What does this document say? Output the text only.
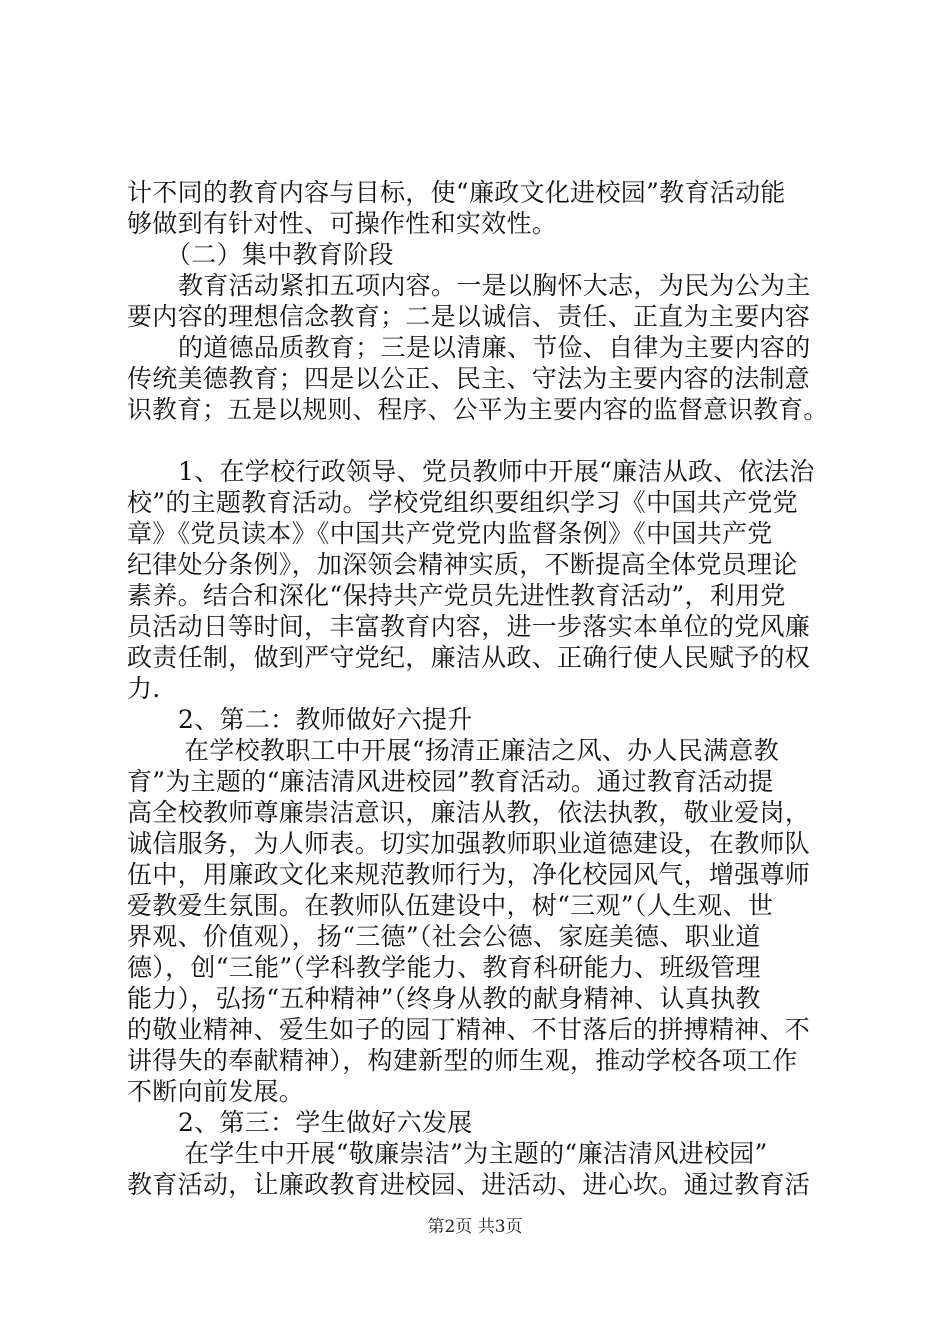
计不同的教育内容与目标，使“廉政文化进校园”教育活动能
够做到有针对性、可操作性和实效性。
（二）集中教育阶段
教育活动紧扣五项内容。一是以胸怀大志，为民为公为主
要内容的理想信念教育；二是以诚信、责任、正直为主要内容
的道德品质教育；三是以清廉、节俭、自律为主要内容的
传统美德教育；四是以公正、民主、守法为主要内容的法制意
识教育；五是以规则、程序、公平为主要内容的监督意识教育。
1、在学校行政领导、党员教师中开展“廉洁从政、依法治
校”的主题教育活动。学校党组织要组织学习《中国共产党党
章》《党员读本》《中国共产党党内监督条例》《中国共产党
纪律处分条例》，加深领会精神实质，不断提高全体党员理论
素养。结合和深化“保持共产党员先进性教育活动”，利用党
员活动日等时间，丰富教育内容，进一步落实本单位的党风廉
政责任制，做到严守党纪，廉洁从政、正确行使人民赋予的权
力.
2、第二：教师做好六提升
在学校教职工中开展“扬清正廉洁之风、办人民满意教
育”为主题的“廉洁清风进校园”教育活动。通过教育活动提
高全校教师尊廉崇洁意识，廉洁从教，依法执教，敬业爱岗，
诚信服务，为人师表。切实加强教师职业道德建设，在教师队
伍中，用廉政文化来规范教师行为，净化校园风气，增强尊师
爱教爱生氛围。在教师队伍建设中，树“三观”（人生观、世
界观、价值观），扬“三德”（社会公德、家庭美德、职业道
德），创“三能”（学科教学能力、教育科研能力、班级管理
能力），弘扬“五种精神”（终身从教的献身精神、认真执教
的敬业精神、爱生如子的园丁精神、不甘落后的拼搏精神、不
讲得失的奉献精神），构建新型的师生观，推动学校各项工作
不断向前发展。
2、第三：学生做好六发展
在学生中开展“敬廉崇洁”为主题的“廉洁清风进校园”
教育活动，让廉政教育进校园、进活动、进心坎。通过教育活
第2页 共3页
